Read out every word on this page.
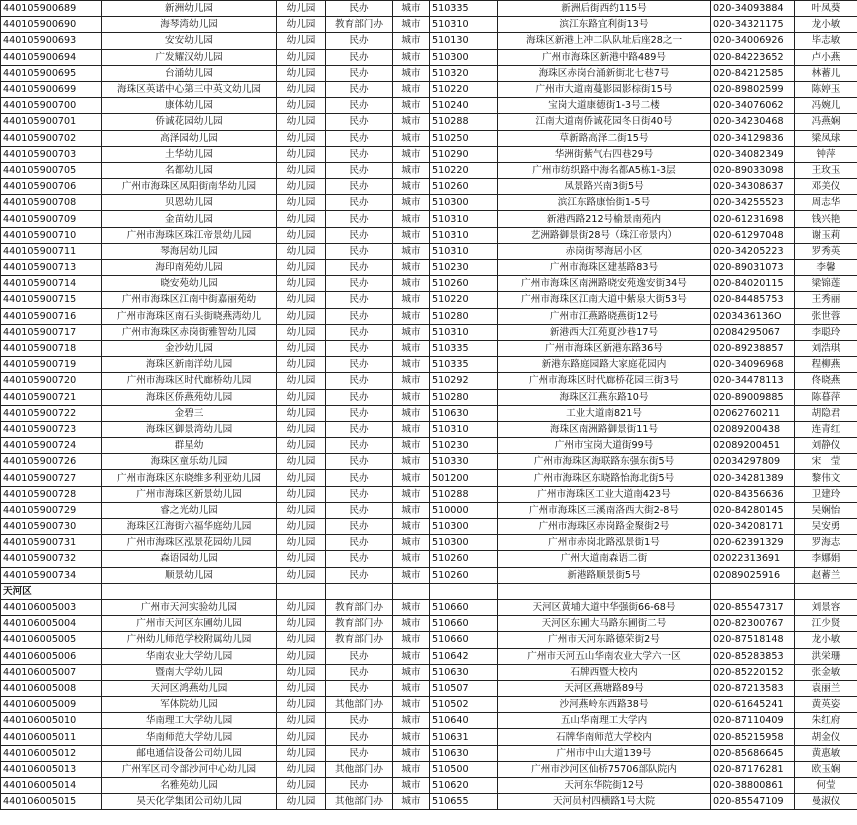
440105900689	新洲幼儿园	幼儿园	民办	城市	510335	新洲后街西约115号	020-34093884	叶凤葵
440105900690	海琴湾幼儿园	幼儿园	教育部门办	城市	510310	滨江东路宜利街13号	020-34321175	龙小敏
440105900693	安安幼儿园	幼儿园	民办	城市	510130	海珠区新港上冲二队队址后座28之一	020-34006926	毕志敏
440105900694	广发耀汉幼儿园	幼儿园	民办	城市	510300	广州市海珠区新港中路489号	020-84223652	卢小燕
440105900695	台涌幼儿园	幼儿园	民办	城市	510320	海珠区赤岗台涌新街北七巷7号	020-84212585	林蓄儿
440105900699	海珠区英诺中心第三中英文幼儿园	幼儿园	民办	城市	510220	广州市大道南蔓影园影棕街15号	020-89802599	陈婷玉
440105900700	康体幼儿园	幼儿园	民办	城市	510240	宝岗大道康德街1-3号二楼	020-34076062	冯婉儿
440105900701	侨诚花园幼儿园	幼儿园	民办	城市	510288	江南大道南侨诚花园冬日街40号	020-34230468	冯燕娴
440105900702	高泽园幼儿园	幼儿园	民办	城市	510250	草新路高泽二街15号	020-34129836	梁凤球
440105900703	土华幼儿园	幼儿园	民办	城市	510290	华洲街紫气右四巷29号	020-34082349	钟萍
440105900705	名都幼儿园	幼儿园	民办	城市	510220	广州市纺织路中海名都A5栋1-3层	020-89033098	王玫玉
440105900706	广州市海珠区凤阳街南华幼儿园	幼儿园	民办	城市	510260	凤景路兴南3街5号	020-34308637	邓美仪
440105900708	贝恩幼儿园	幼儿园	民办	城市	510300	滨江东路康怡街1-5号	020-34255523	周志华
440105900709	金苗幼儿园	幼儿园	民办	城市	510310	新港西路212号榆景南苑内	020-61231698	钱兴艳
440105900710	广州市海珠区珠江帝景幼儿园	幼儿园	民办	城市	510310	艺洲路御景街28号（珠江帝景内）	020-61297048	谢玉莉
440105900711	琴海居幼儿园	幼儿园	民办	城市	510310	赤岗街琴海居小区	020-34205223	罗秀英
440105900713	海印南苑幼儿园	幼儿园	民办	城市	510230	广州市海珠区建基路83号	020-89031073	李馨
440105900714	晓安苑幼儿园	幼儿园	民办	城市	510260	广州市海珠区南洲路晓安苑逸安街34号	020-84020115	梁锦莲
440105900715	广州市海珠区江南中街嘉丽苑幼	幼儿园	民办	城市	510220	广州市海珠区江南大道中紫泉大街53号	020-84485753	王秀丽
440105900716	广州市海珠区南石头街晓燕湾幼儿	幼儿园	民办	城市	510280	广州市江燕路晓燕街12号	0203436136O	张世蓉
440105900717	广州市海珠区赤岗街雅智幼儿园	幼儿园	民办	城市	510310	新港西大江苑夏沙巷17号	020842950​67	李聪玲
440105900718	金沙幼儿园	幼儿园	民办	城市	510335	广州市海珠区新港东路36号	020-89238857	刘浩琪
440105900719	海珠区新南洋幼儿园	幼儿园	民办	城市	510335	新港东路庭园路大家庭花园内	020-34096968	程柳燕
440105900720	广州市海珠区时代廊桥幼儿园	幼儿园	民办	城市	510292	广州市海珠区时代廊桥花园三街3号	020-34478113	佟晓燕
440105900721	海珠区侨燕苑幼儿园	幼儿园	民办	城市	510280	海珠区江燕东路10号	020-89009885	陈暮萍
440105900722	金碧三	幼儿园	民办	城市	510630	工业大道南821号	02062760211	胡隐君
440105900723	海珠区御景湾幼儿园	幼儿园	民办	城市	510310	海珠区南洲路御景街11号	020892004​38	连青红
440105900724	群星幼	幼儿园	民办	城市	510230	广州市宝岗大道街99号	020892004​51	刘静仪
440105900726	海珠区童乐幼儿园	幼儿园	民办	城市	510330	广州市海珠区海联路东强东街5号	0203429780​9	宋　莹
440105900727	广州市海珠区东晓维多利亚幼儿园	幼儿园	民办	城市	501200	广州市海珠区东晓路怡海北街5号	020-34281389	黎伟文
440105900728	广州市海珠区新景幼儿园	幼儿园	民办	城市	510288	广州市海珠区工业大道南423号	020-84356636	卫建玲
440105900729	睿之光幼儿园	幼儿园	民办	城市	510000	广州市海珠区三溪南洛西大街2-8号	020-84280145	吴娴怡
440105900730	海珠区江海街六福华庭幼儿园	幼儿园	民办	城市	510300	广州市海珠区赤岗路金聚街2号	020-34208171	吴安勇
440105900731	广州市海珠区泓景花园幼儿园	幼儿园	民办	城市	510300	广州市赤岗北路泓景街1号	020-62391329	罗海志
440105900732	森语园幼儿园	幼儿园	民办	城市	510260	广州大道南森语二街	02022313691	李娜娟
440105900734	顺景幼儿园	幼儿园	民办	城市	510260	新港路顺景街5号	020890259​16	赵蓄兰
天河区								
440106005003	广州市天河实验幼儿园	幼儿园	教育部门办	城市	510660	天河区黄埔大道中华强街66-68号	020-85547317	刘景容
440106005004	广州市天河区东圃幼儿园	幼儿园	教育部门办	城市	510660	天河区东圃大马路东圃街二号	020-82300767	江少贤
440106005005	广州幼儿师范学校附属幼儿园	幼儿园	教育部门办	城市	510660	广州市天河东路德荣街2号	020-87518148	龙小敏
440106005006	华南农业大学幼儿园	幼儿园	民办	城市	510642	广州市天河五山华南农业大学六一区	020-85283853	洪栄珊
440106005007	暨南大学幼儿园	幼儿园	民办	城市	510630	石牌西暨大校内	020-85220152	张金敏
440106005008	天河区鸿燕幼儿园	幼儿园	民办	城市	510507	天河区燕塘路89号	020-87213583	袁丽兰
440106005009	军体院幼儿园	幼儿园	其他部门办	城市	510502	沙河燕岭东西路38号	020-61645241	黄英姿
440106005010	华南理工大学幼儿园	幼儿园	民办	城市	510640	五山华南理工大学内	020-87110409	朱红府
440106005011	华南师范大学幼儿园	幼儿园	民办	城市	510631	石牌华南师范大学校内	020-85215958	胡金仪
440106005012	邮电通信设备公司幼儿园	幼儿园	民办	城市	510630	广州市中山大道139号	020-85686645	黄惠敏
440106005013	广州军区司令部沙河中心幼儿园	幼儿园	其他部门办	城市	510500	广州市沙河区仙桥75706部队院内	020-87176281	欧玉娴
440106005014	名雅苑幼儿园	幼儿园	民办	城市	510620	天河东华院街12号	020-38800861	何莹
440106005015	昊天化学集团公司幼儿园	幼儿园	其他部门办	城市	510655	天河员村四横路1号大院	020-85547109	曼淑仪
